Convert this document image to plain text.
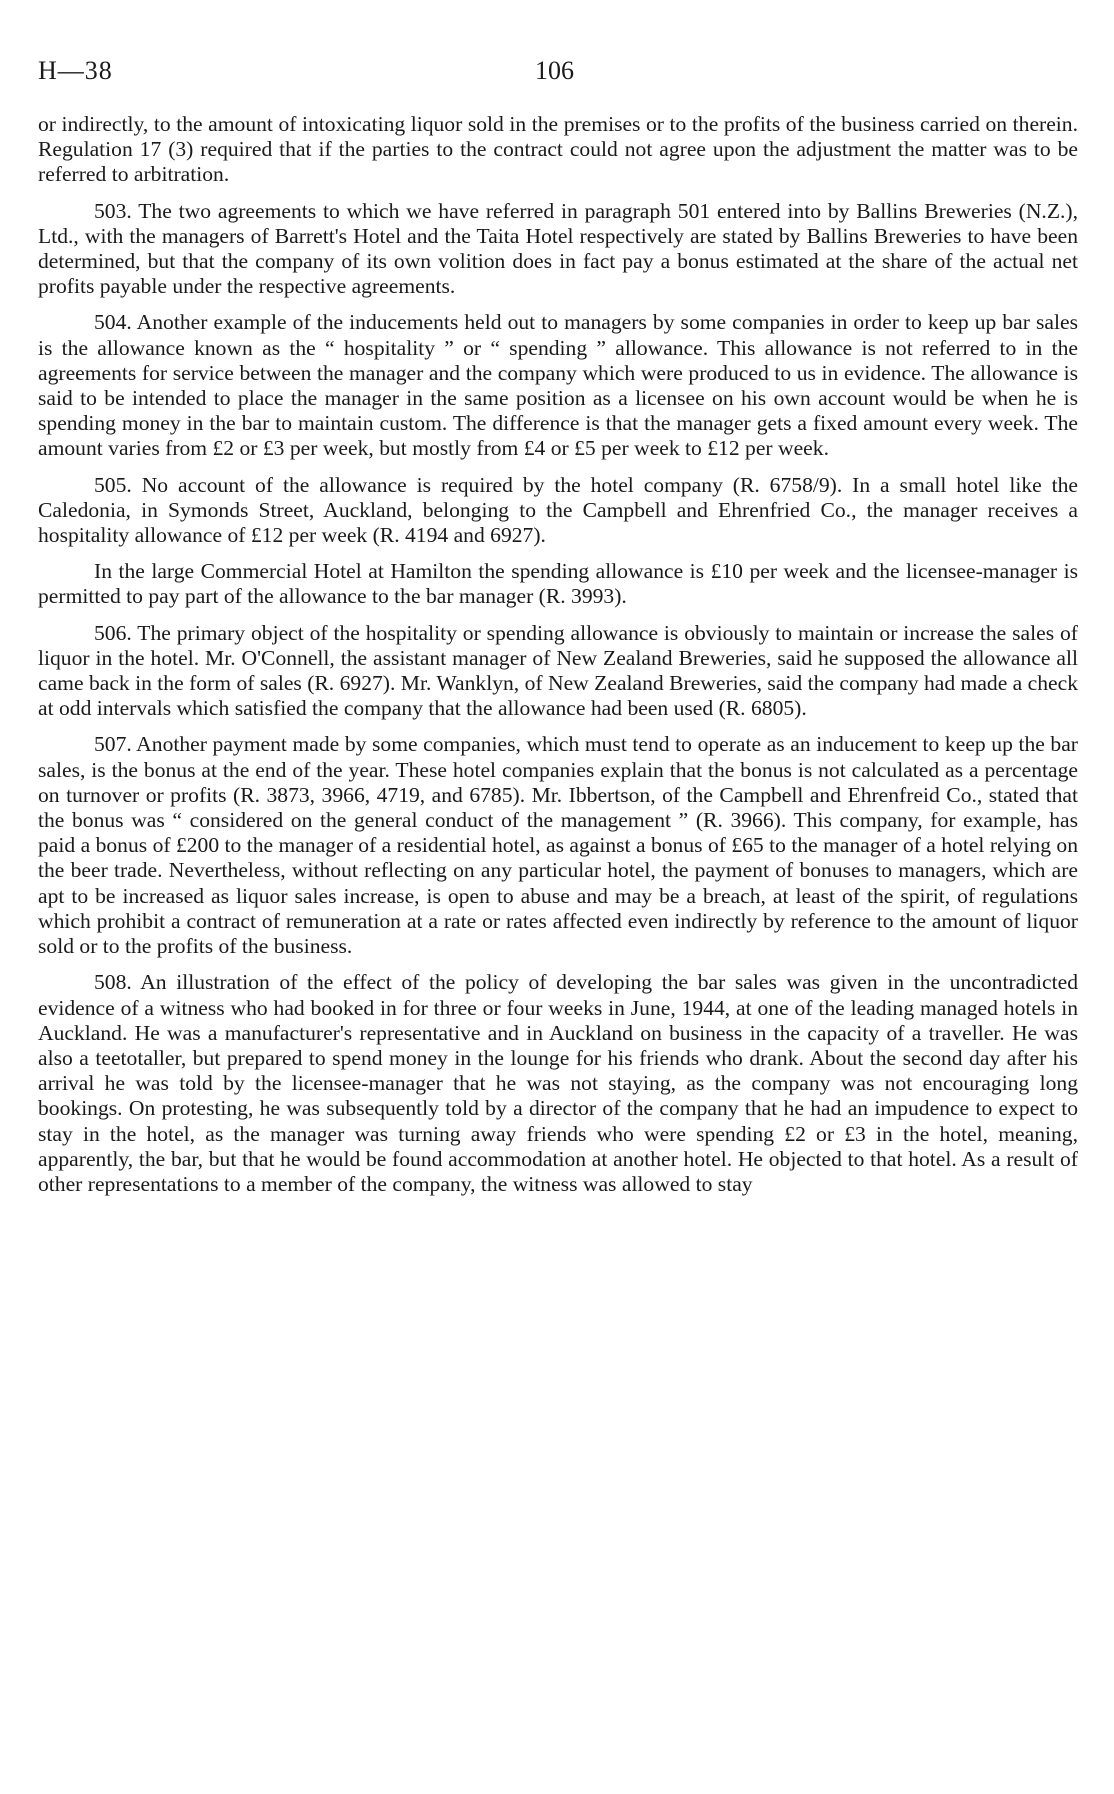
H—38	106

or indirectly, to the amount of intoxicating liquor sold in the premises or to the profits of the business carried on therein. Regulation 17 (3) required that if the parties to the contract could not agree upon the adjustment the matter was to be referred to arbitration.

503. The two agreements to which we have referred in paragraph 501 entered into by Ballins Breweries (N.Z.), Ltd., with the managers of Barrett's Hotel and the Taita Hotel respectively are stated by Ballins Breweries to have been determined, but that the company of its own volition does in fact pay a bonus estimated at the share of the actual net profits payable under the respective agreements.

504. Another example of the inducements held out to managers by some companies in order to keep up bar sales is the allowance known as the “ hospitality ” or “ spending ” allowance. This allowance is not referred to in the agreements for service between the manager and the company which were produced to us in evidence. The allowance is said to be intended to place the manager in the same position as a licensee on his own account would be when he is spending money in the bar to maintain custom. The difference is that the manager gets a fixed amount every week. The amount varies from £2 or £3 per week, but mostly from £4 or £5 per week to £12 per week.

505. No account of the allowance is required by the hotel company (R. 6758/9). In a small hotel like the Caledonia, in Symonds Street, Auckland, belonging to the Campbell and Ehrenfried Co., the manager receives a hospitality allowance of £12 per week (R. 4194 and 6927).

In the large Commercial Hotel at Hamilton the spending allowance is £10 per week and the licensee-manager is permitted to pay part of the allowance to the bar manager (R. 3993).

506. The primary object of the hospitality or spending allowance is obviously to maintain or increase the sales of liquor in the hotel. Mr. O'Connell, the assistant manager of New Zealand Breweries, said he supposed the allowance all came back in the form of sales (R. 6927). Mr. Wanklyn, of New Zealand Breweries, said the company had made a check at odd intervals which satisfied the company that the allowance had been used (R. 6805).

507. Another payment made by some companies, which must tend to operate as an inducement to keep up the bar sales, is the bonus at the end of the year. These hotel companies explain that the bonus is not calculated as a percentage on turnover or profits (R. 3873, 3966, 4719, and 6785). Mr. Ibbertson, of the Campbell and Ehrenfreid Co., stated that the bonus was “ considered on the general conduct of the management ” (R. 3966). This company, for example, has paid a bonus of £200 to the manager of a residential hotel, as against a bonus of £65 to the manager of a hotel relying on the beer trade. Nevertheless, without reflecting on any particular hotel, the payment of bonuses to managers, which are apt to be increased as liquor sales increase, is open to abuse and may be a breach, at least of the spirit, of regulations which prohibit a contract of remuneration at a rate or rates affected even indirectly by reference to the amount of liquor sold or to the profits of the business.

508. An illustration of the effect of the policy of developing the bar sales was given in the uncontradicted evidence of a witness who had booked in for three or four weeks in June, 1944, at one of the leading managed hotels in Auckland. He was a manufacturer's representative and in Auckland on business in the capacity of a traveller. He was also a teetotaller, but prepared to spend money in the lounge for his friends who drank. About the second day after his arrival he was told by the licensee-manager that he was not staying, as the company was not encouraging long bookings. On protesting, he was subsequently told by a director of the company that he had an impudence to expect to stay in the hotel, as the manager was turning away friends who were spending £2 or £3 in the hotel, meaning, apparently, the bar, but that he would be found accommodation at another hotel. He objected to that hotel. As a result of other representations to a member of the company, the witness was allowed to stay
